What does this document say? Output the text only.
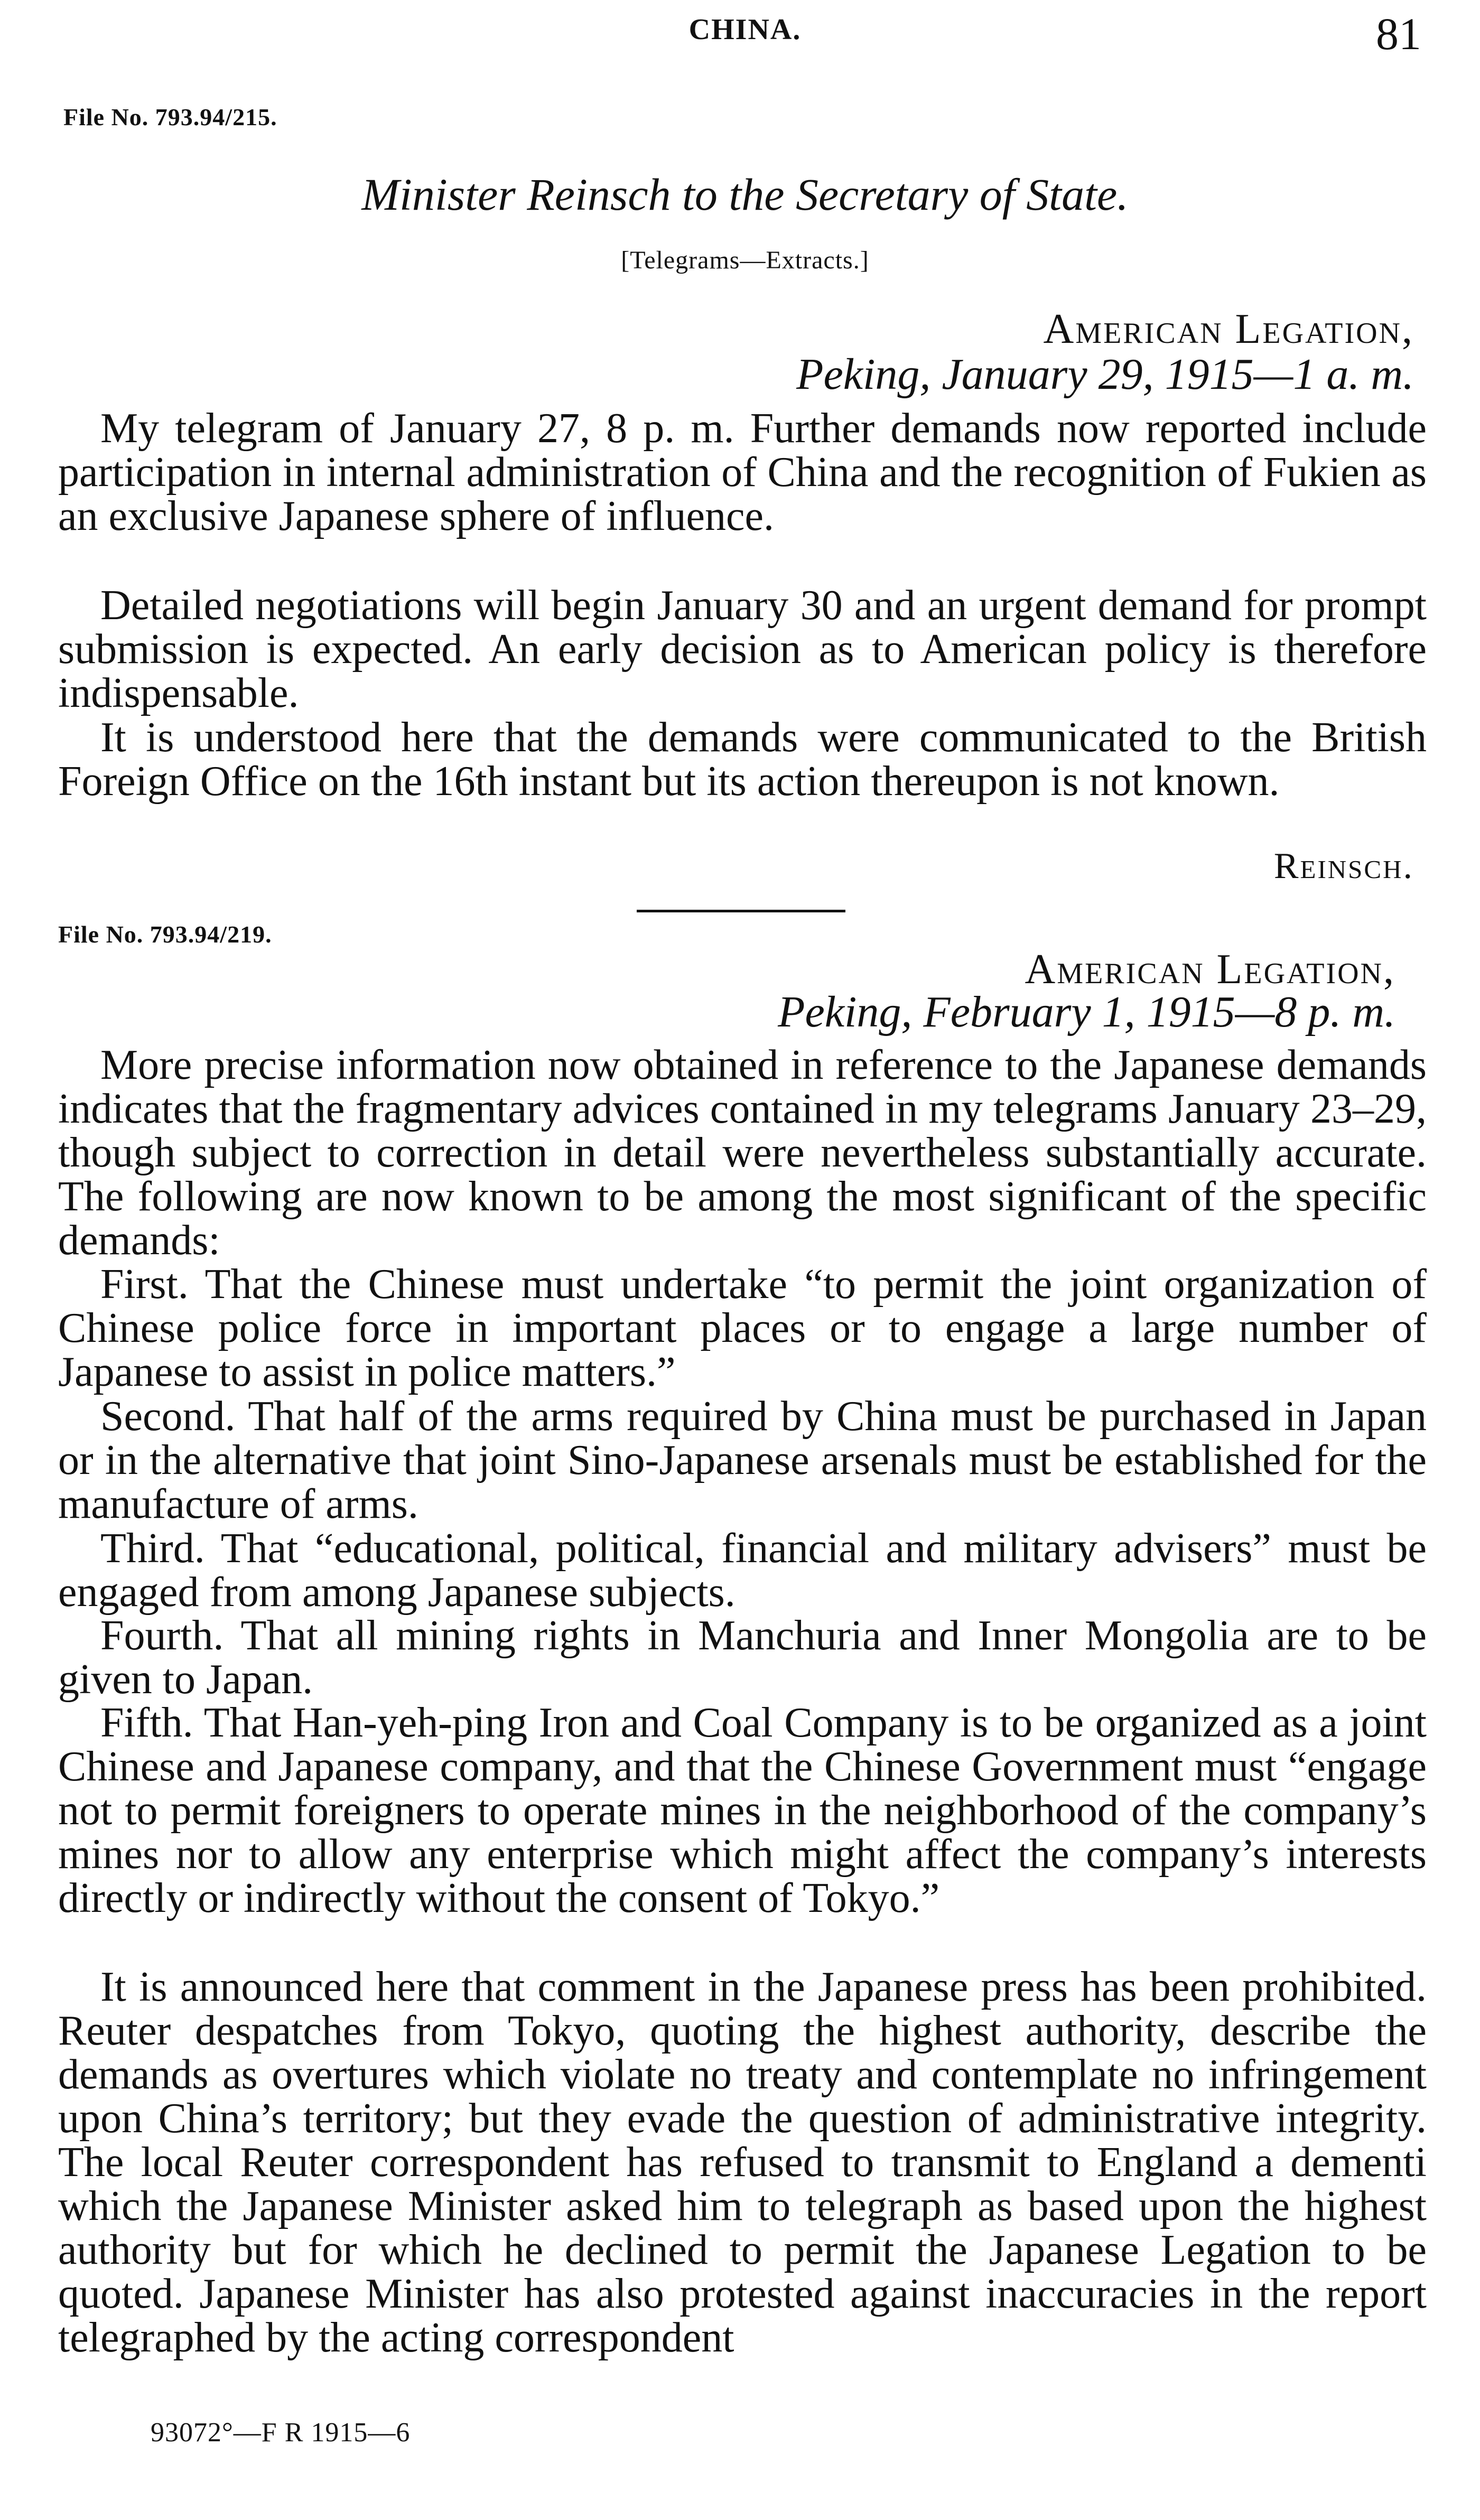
CHINA.	81
File No. 793.94/215.
Minister Reinsch to the Secretary of State.
[Telegrams—Extracts.]
American Legation,
Peking, January 29, 1915—1 a. m.

My telegram of January 27, 8 p. m. Further demands now reported include participation in internal administration of China and the recognition of Fukien as an exclusive Japanese sphere of influence.

Detailed negotiations will begin January 30 and an urgent demand for prompt submission is expected. An early decision as to American policy is therefore indispensable.

It is understood here that the demands were communicated to the British Foreign Office on the 16th instant but its action thereupon is not known.

Reinsch.
File No. 793.94/219.
American Legation,
Peking, February 1, 1915—8 p. m.

More precise information now obtained in reference to the Japanese demands indicates that the fragmentary advices contained in my telegrams January 23–29, though subject to correction in detail were nevertheless substantially accurate. The following are now known to be among the most significant of the specific demands:

First. That the Chinese must undertake “to permit the joint organization of Chinese police force in important places or to engage a large number of Japanese to assist in police matters.”

Second. That half of the arms required by China must be purchased in Japan or in the alternative that joint Sino-Japanese arsenals must be established for the manufacture of arms.

Third. That “educational, political, financial and military advisers” must be engaged from among Japanese subjects.

Fourth. That all mining rights in Manchuria and Inner Mongolia are to be given to Japan.

Fifth. That Han-yeh-ping Iron and Coal Company is to be organized as a joint Chinese and Japanese company, and that the Chinese Government must “engage not to permit foreigners to operate mines in the neighborhood of the company’s mines nor to allow any enterprise which might affect the company’s interests directly or indirectly without the consent of Tokyo.”

It is announced here that comment in the Japanese press has been prohibited. Reuter despatches from Tokyo, quoting the highest authority, describe the demands as overtures which violate no treaty and contemplate no infringement upon China’s territory; but they evade the question of administrative integrity. The local Reuter correspondent has refused to transmit to England a dementi which the Japanese Minister asked him to telegraph as based upon the highest authority but for which he declined to permit the Japanese Legation to be quoted. Japanese Minister has also protested against inaccuracies in the report telegraphed by the acting correspondent

93072°—F R 1915—6
